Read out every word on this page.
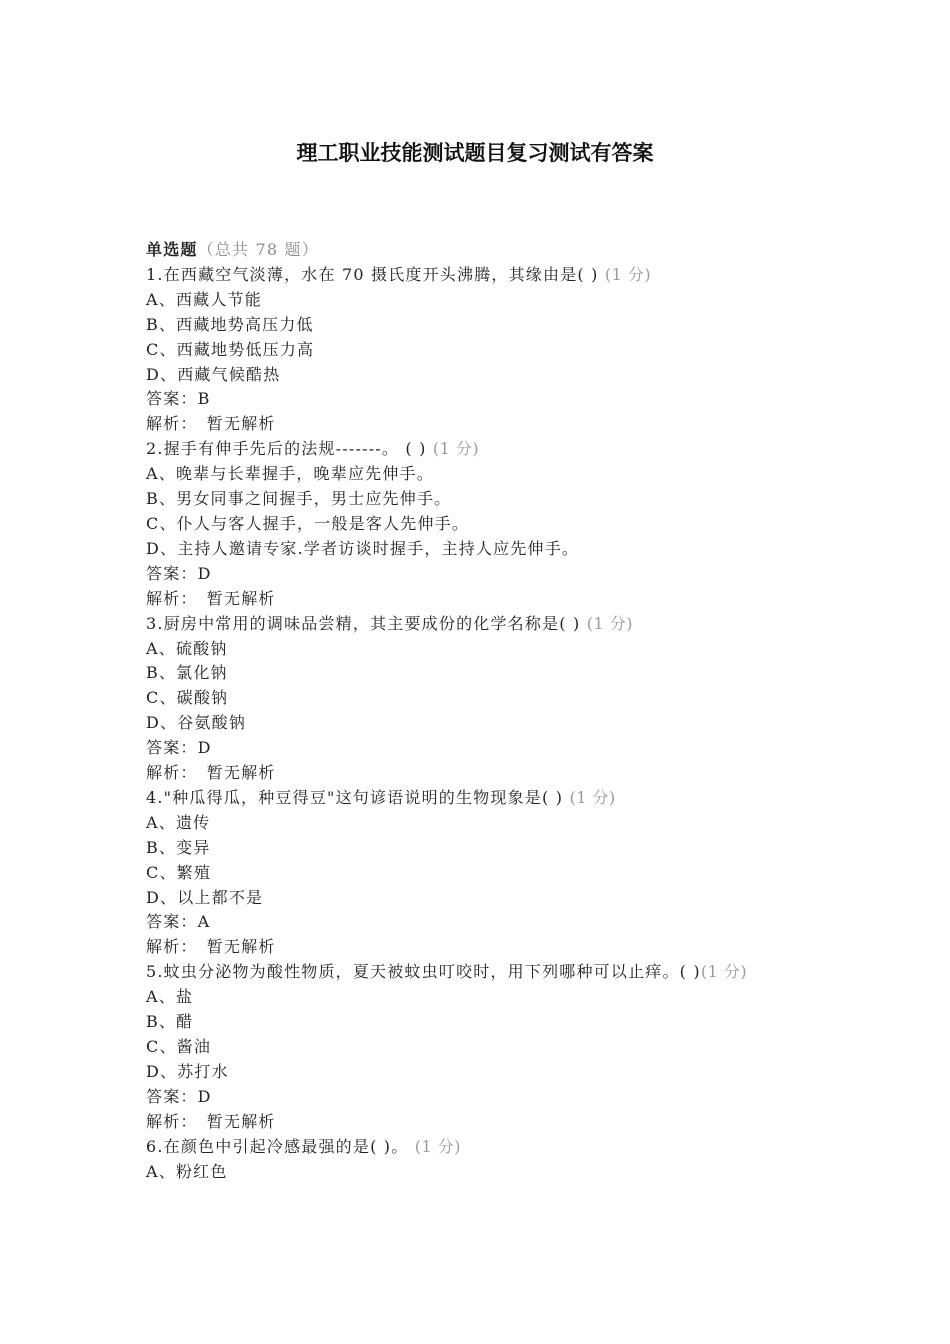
理工职业技能测试题目复习测试有答案
单选题（总共 78 题）
1.在西藏空气淡薄，水在 70 摄氏度开头沸腾，其缘由是( ) (1 分)
A、西藏人节能
B、西藏地势高压力低
C、西藏地势低压力高
D、西藏气候酷热
答案：B
解析：　暂无解析
2.握手有伸手先后的法规-------。 ( ) (1 分)
A、晚辈与长辈握手，晚辈应先伸手。
B、男女同事之间握手，男士应先伸手。
C、仆人与客人握手，一般是客人先伸手。
D、主持人邀请专家.学者访谈时握手，主持人应先伸手。
答案：D
解析：　暂无解析
3.厨房中常用的调味品尝精，其主要成份的化学名称是( ) (1 分)
A、硫酸钠
B、氯化钠
C、碳酸钠
D、谷氨酸钠
答案：D
解析：　暂无解析
4."种瓜得瓜，种豆得豆"这句谚语说明的生物现象是( ) (1 分)
A、遗传
B、变异
C、繁殖
D、以上都不是
答案：A
解析：　暂无解析
5.蚊虫分泌物为酸性物质，夏天被蚊虫叮咬时，用下列哪种可以止痒。( )(1 分)
A、盐
B、醋
C、酱油
D、苏打水
答案：D
解析：　暂无解析
6.在颜色中引起冷感最强的是( )。 (1 分)
A、粉红色
